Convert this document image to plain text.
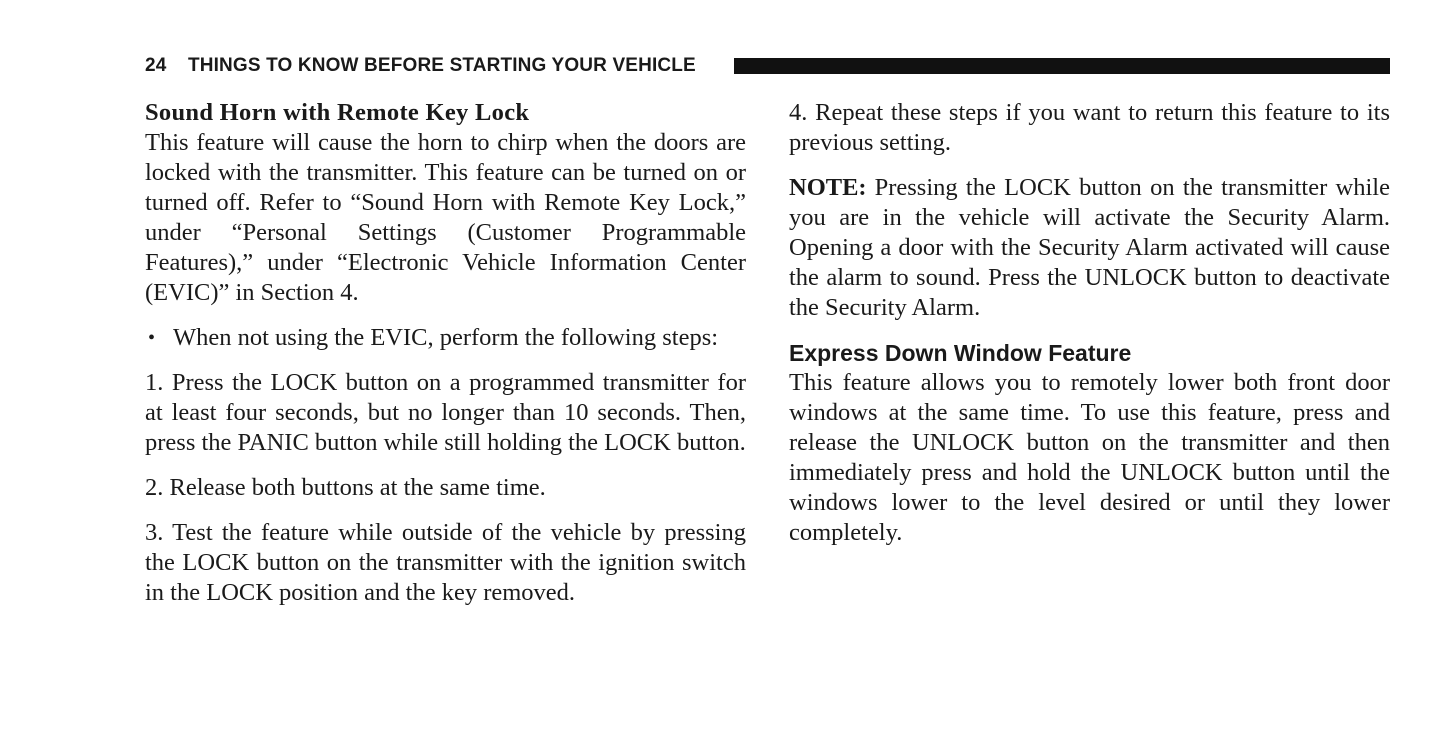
24 THINGS TO KNOW BEFORE STARTING YOUR VEHICLE
Sound Horn with Remote Key Lock

This feature will cause the horn to chirp when the doors are locked with the transmitter. This feature can be turned on or turned off. Refer to “Sound Horn with Remote Key Lock,” under “Personal Settings (Customer Programmable Features),” under “Electronic Vehicle Information Center (EVIC)” in Section 4.

• When not using the EVIC, perform the following steps:

1. Press the LOCK button on a programmed transmitter for at least four seconds, but no longer than 10 seconds. Then, press the PANIC button while still holding the LOCK button.

2. Release both buttons at the same time.

3. Test the feature while outside of the vehicle by pressing the LOCK button on the transmitter with the ignition switch in the LOCK position and the key removed.

4. Repeat these steps if you want to return this feature to its previous setting.

NOTE: Pressing the LOCK button on the transmitter while you are in the vehicle will activate the Security Alarm. Opening a door with the Security Alarm activated will cause the alarm to sound. Press the UNLOCK button to deactivate the Security Alarm.

Express Down Window Feature

This feature allows you to remotely lower both front door windows at the same time. To use this feature, press and release the UNLOCK button on the transmitter and then immediately press and hold the UNLOCK button until the windows lower to the level desired or until they lower completely.
